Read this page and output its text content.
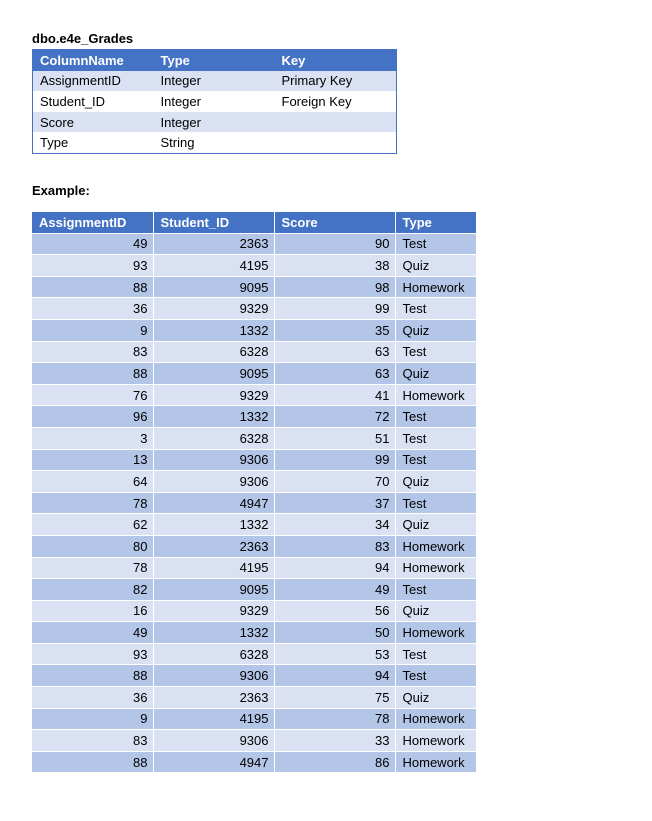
dbo.e4e_Grades
ColumnName	Type	Key
AssignmentID	Integer	Primary Key
Student_ID	Integer	Foreign Key
Score	Integer	
Type	String	
Example:
AssignmentID	Student_ID	Score	Type
49	2363	90	Test
93	4195	38	Quiz
88	9095	98	Homework
36	9329	99	Test
9	1332	35	Quiz
83	6328	63	Test
88	9095	63	Quiz
76	9329	41	Homework
96	1332	72	Test
3	6328	51	Test
13	9306	99	Test
64	9306	70	Quiz
78	4947	37	Test
62	1332	34	Quiz
80	2363	83	Homework
78	4195	94	Homework
82	9095	49	Test
16	9329	56	Quiz
49	1332	50	Homework
93	6328	53	Test
88	9306	94	Test
36	2363	75	Quiz
9	4195	78	Homework
83	9306	33	Homework
88	4947	86	Homework
